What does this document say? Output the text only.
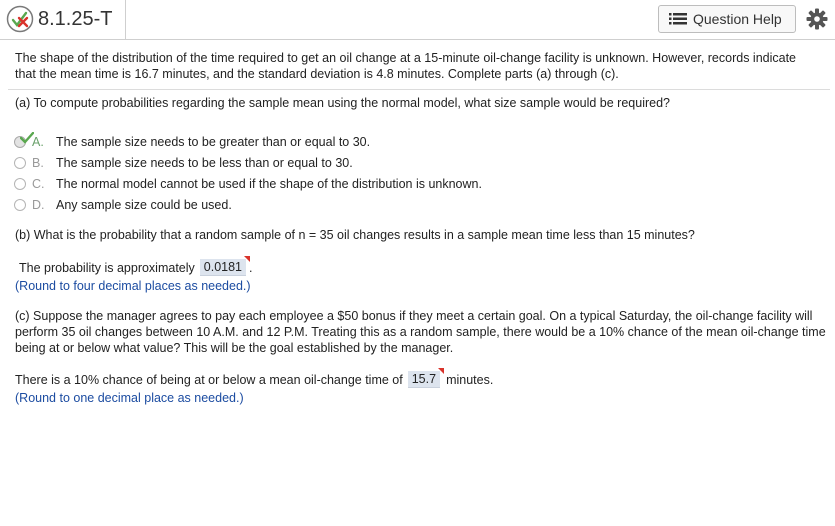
8.1.25-T	Question Help
The shape of the distribution of the time required to get an oil change at a 15-minute oil-change facility is unknown. However, records indicate that the mean time is 16.7 minutes, and the standard deviation is 4.8 minutes. Complete parts (a) through (c).
(a) To compute probabilities regarding the sample mean using the normal model, what size sample would be required?
A. The sample size needs to be greater than or equal to 30.
B. The sample size needs to be less than or equal to 30.
C. The normal model cannot be used if the shape of the distribution is unknown.
D. Any sample size could be used.
(b) What is the probability that a random sample of n = 35 oil changes results in a sample mean time less than 15 minutes?
The probability is approximately 0.0181 .
(Round to four decimal places as needed.)
(c) Suppose the manager agrees to pay each employee a $50 bonus if they meet a certain goal. On a typical Saturday, the oil-change facility will perform 35 oil changes between 10 A.M. and 12 P.M. Treating this as a random sample, there would be a 10% chance of the mean oil-change time being at or below what value? This will be the goal established by the manager.
There is a 10% chance of being at or below a mean oil-change time of 15.7 minutes.
(Round to one decimal place as needed.)
